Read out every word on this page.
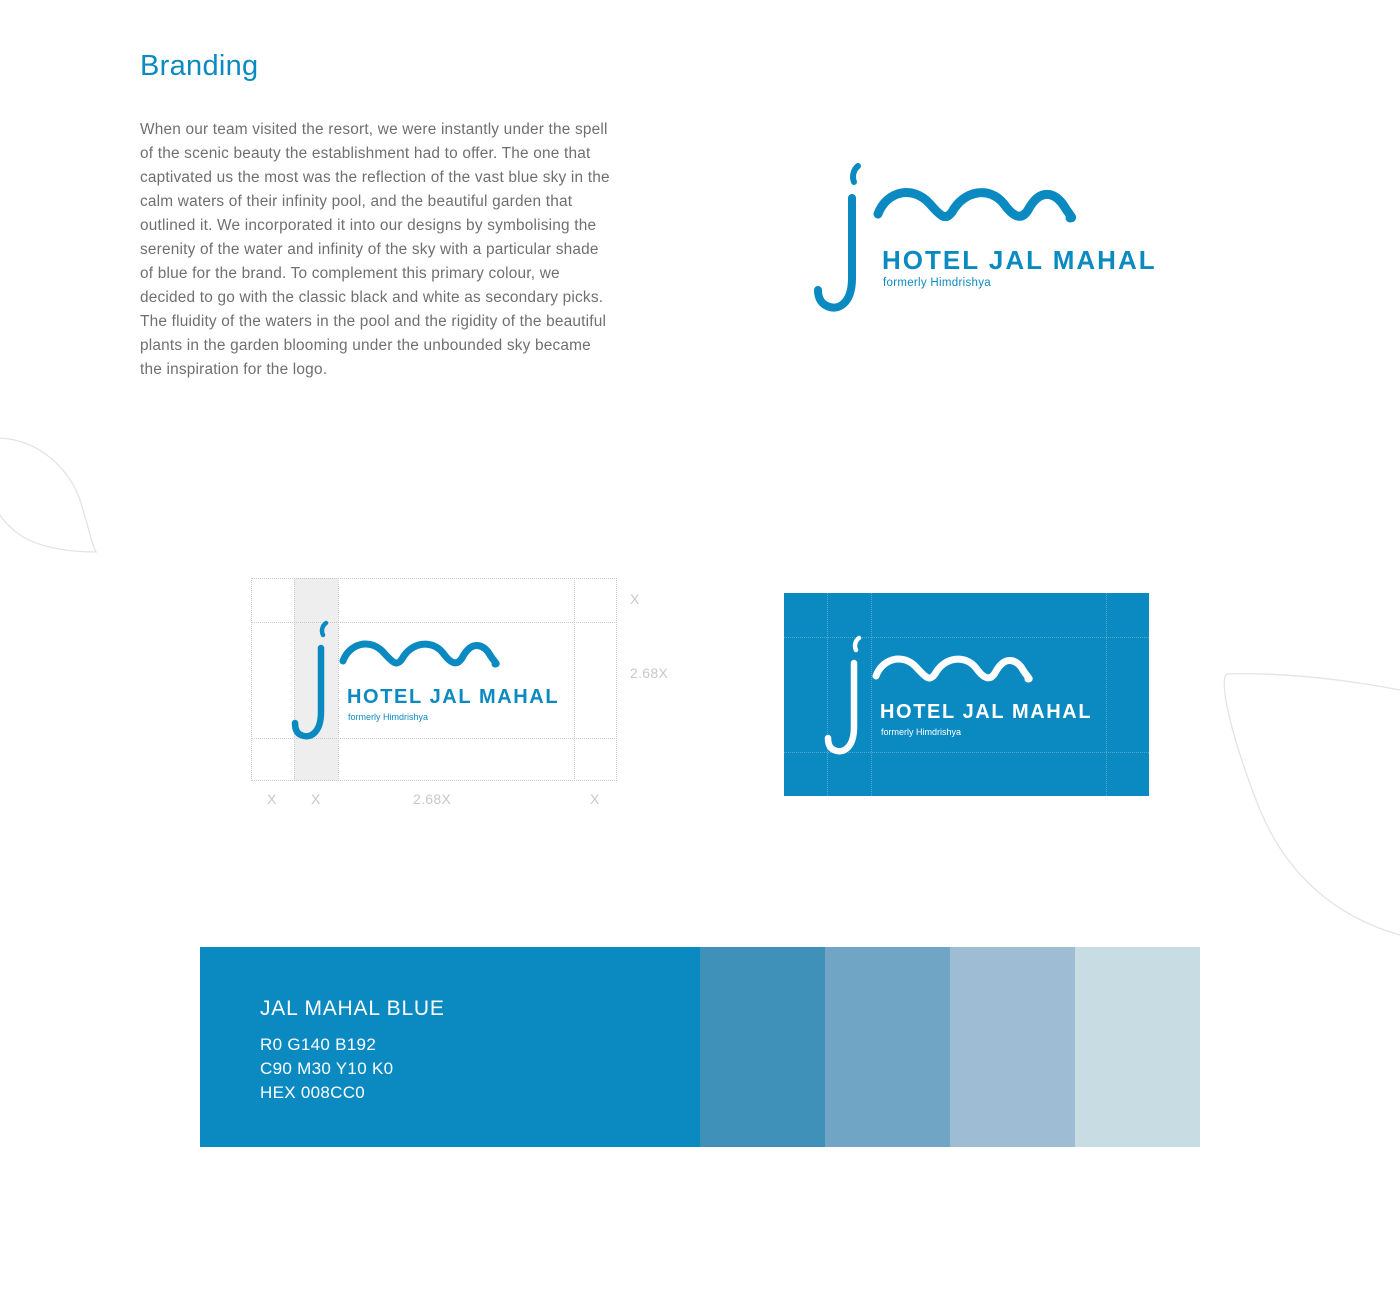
Branding

When our team visited the resort, we were instantly under the spell of the scenic beauty the establishment had to offer. The one that captivated us the most was the reflection of the vast blue sky in the calm waters of their infinity pool, and the beautiful garden that outlined it. We incorporated it into our designs by symbolising the serenity of the water and infinity of the sky with a particular shade of blue for the brand. To complement this primary colour, we decided to go with the classic black and white as secondary picks. The fluidity of the waters in the pool and the rigidity of the beautiful plants in the garden blooming under the unbounded sky became the inspiration for the logo.

HOTEL JAL MAHAL
formerly Himdrishya
HOTEL JAL MAHAL
formerly Himdrishya
X
2.68X
X X	2.68X	X
HOTEL JAL MAHAL
formerly Himdrishya
JAL MAHAL BLUE
R0 G140 B192
C90 M30 Y10 K0
HEX 008CC0
